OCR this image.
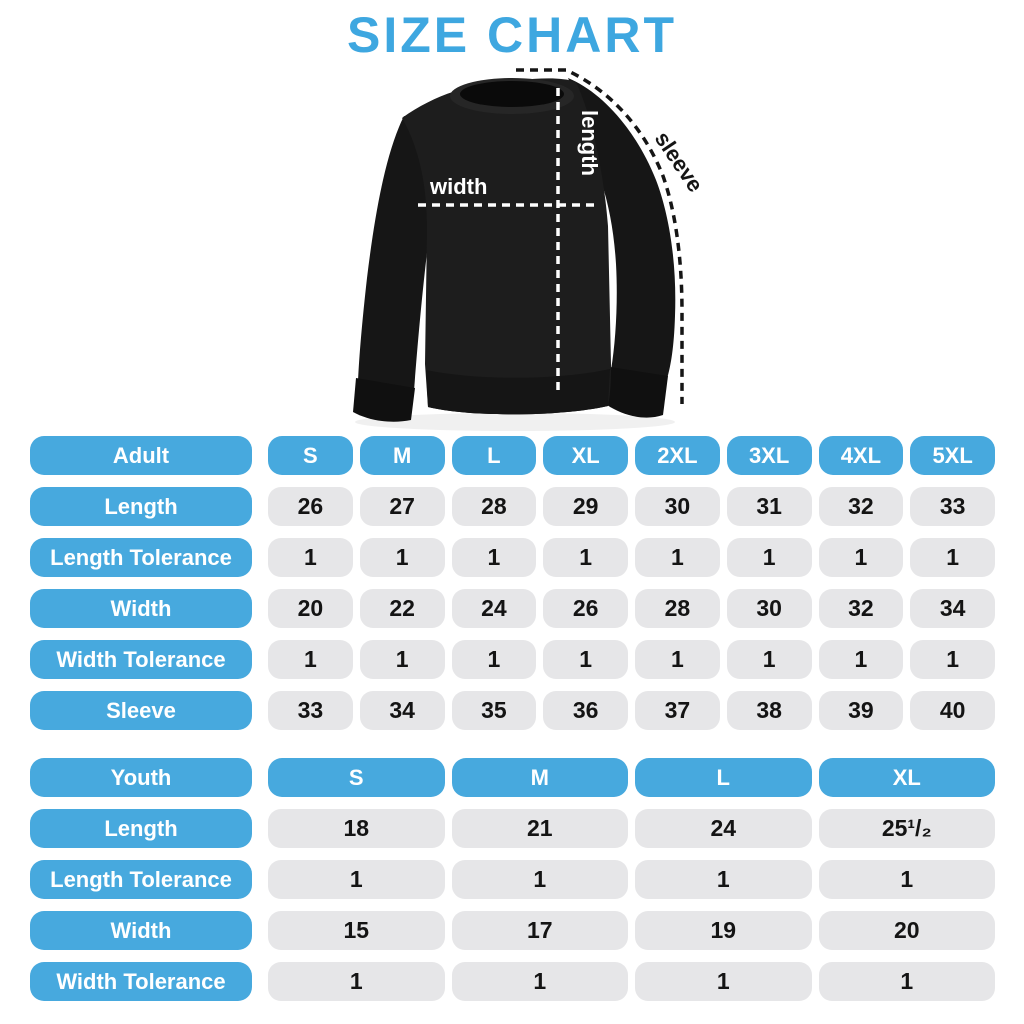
SIZE CHART
width
length sleeve
Adult	S	M	L	XL	2XL	3XL	4XL	5XL
Length	26	27	28	29	30	31	32	33
Length Tolerance	1	1	1	1	1	1	1	1
Width	20	22	24	26	28	30	32	34
Width Tolerance	1	1	1	1	1	1	1	1
Sleeve	33	34	35	36	37	38	39	40
Youth	S	M	L	XL
Length	18	21	24	25¹/₂
Length Tolerance	1	1	1	1
Width	15	17	19	20
Width Tolerance	1	1	1	1
